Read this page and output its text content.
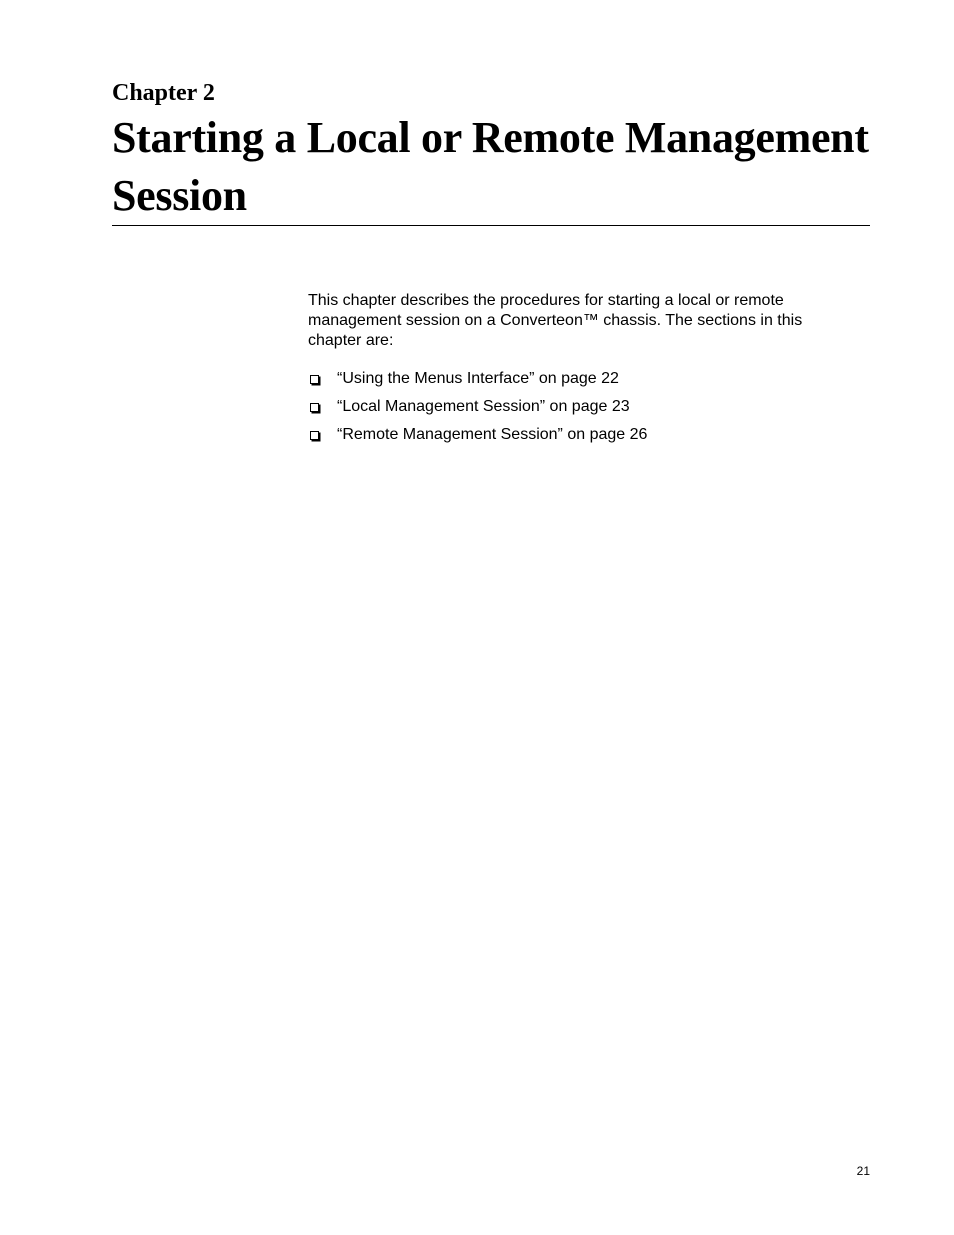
Chapter 2
Starting a Local or Remote Management Session

This chapter describes the procedures for starting a local or remote management session on a Converteon™ chassis. The sections in this chapter are:

“Using the Menus Interface” on page 22
“Local Management Session” on page 23
“Remote Management Session” on page 26
21
